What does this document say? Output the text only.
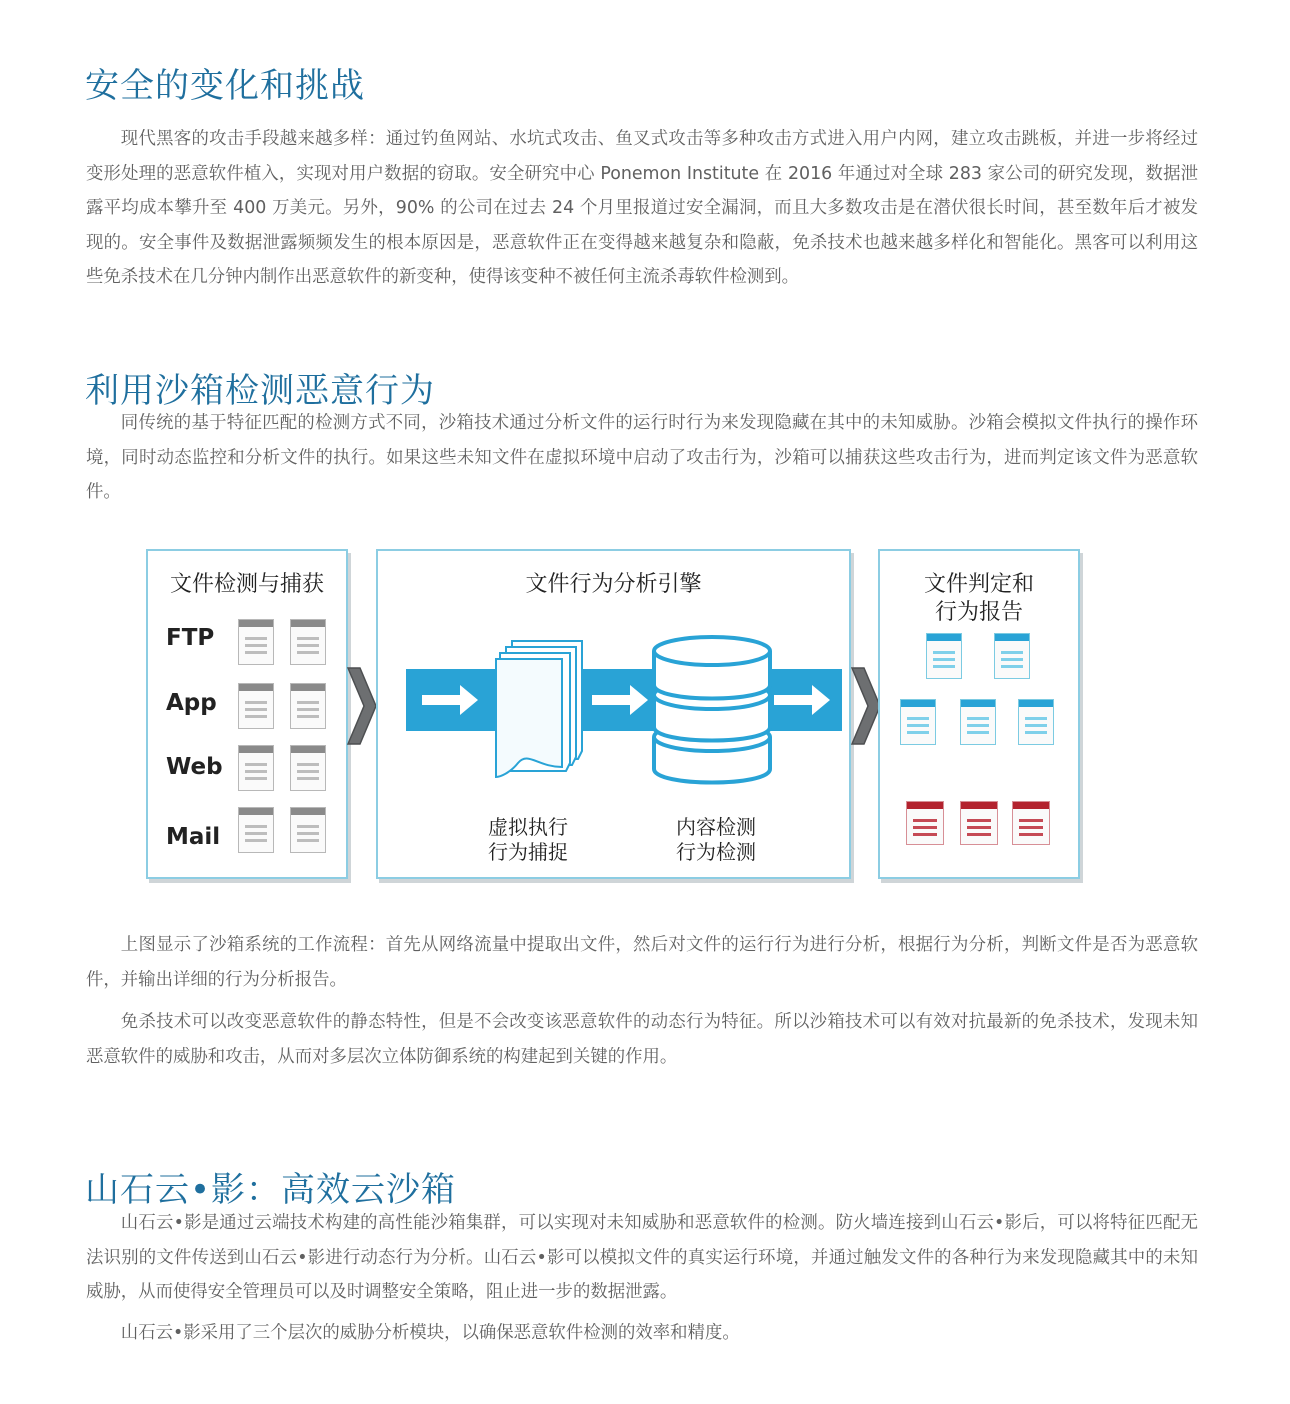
安全的变化和挑战

现代黑客的攻击手段越来越多样：通过钓鱼网站、水坑式攻击、鱼叉式攻击等多种攻击方式进入用户内网，建立攻击跳板，并进一步将经过变形处理的恶意软件植入，实现对用户数据的窃取。安全研究中心 Ponemon Institute 在 2016 年通过对全球 283 家公司的研究发现，数据泄露平均成本攀升至 400 万美元。另外，90% 的公司在过去 24 个月里报道过安全漏洞，而且大多数攻击是在潜伏很长时间，甚至数年后才被发现的。安全事件及数据泄露频频发生的根本原因是，恶意软件正在变得越来越复杂和隐蔽，免杀技术也越来越多样化和智能化。黑客可以利用这些免杀技术在几分钟内制作出恶意软件的新变种，使得该变种不被任何主流杀毒软件检测到。

利用沙箱检测恶意行为

同传统的基于特征匹配的检测方式不同，沙箱技术通过分析文件的运行时行为来发现隐藏在其中的未知威胁。沙箱会模拟文件执行的操作环境，同时动态监控和分析文件的执行。如果这些未知文件在虚拟环境中启动了攻击行为，沙箱可以捕获这些攻击行为，进而判定该文件为恶意软件。

文件检测与捕获
FTP
App
Web
Mail
文件行为分析引擎
虚拟执行
行为捕捉
内容检测
行为检测
文件判定和
行为报告

上图显示了沙箱系统的工作流程：首先从网络流量中提取出文件，然后对文件的运行行为进行分析，根据行为分析，判断文件是否为恶意软件，并输出详细的行为分析报告。

免杀技术可以改变恶意软件的静态特性，但是不会改变该恶意软件的动态行为特征。所以沙箱技术可以有效对抗最新的免杀技术，发现未知恶意软件的威胁和攻击，从而对多层次立体防御系统的构建起到关键的作用。

山石云•影：高效云沙箱

山石云•影是通过云端技术构建的高性能沙箱集群，可以实现对未知威胁和恶意软件的检测。防火墙连接到山石云•影后，可以将特征匹配无法识别的文件传送到山石云•影进行动态行为分析。山石云•影可以模拟文件的真实运行环境，并通过触发文件的各种行为来发现隐藏其中的未知威胁，从而使得安全管理员可以及时调整安全策略，阻止进一步的数据泄露。

山石云•影采用了三个层次的威胁分析模块，以确保恶意软件检测的效率和精度。
